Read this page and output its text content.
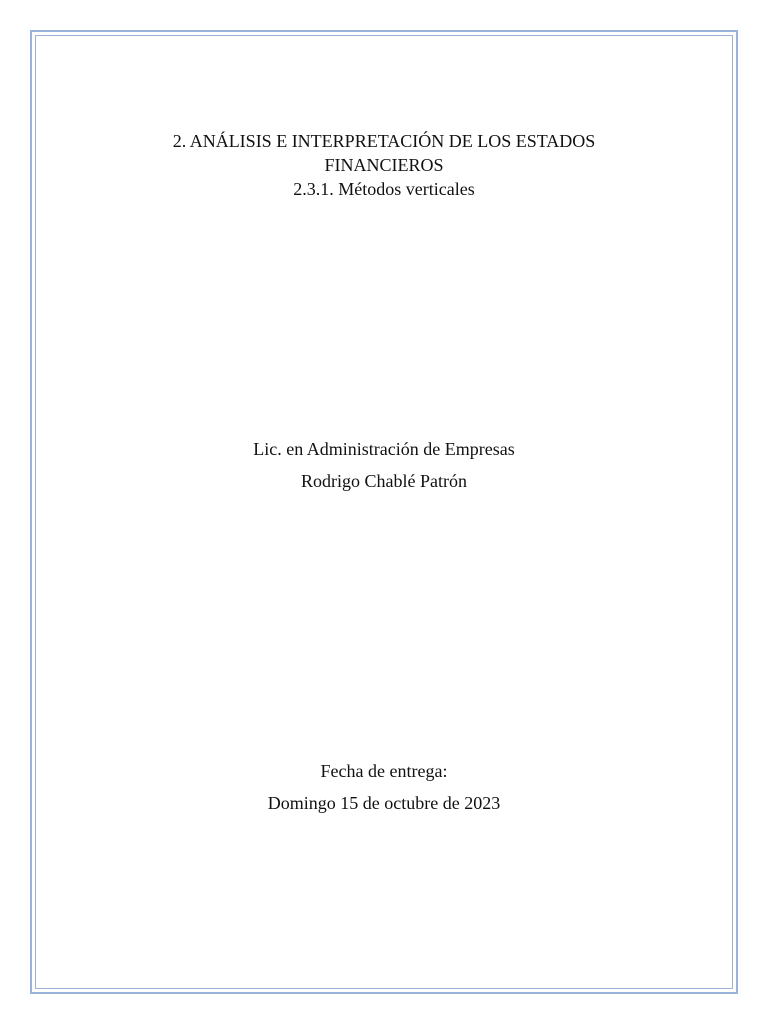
2. ANÁLISIS E INTERPRETACIÓN DE LOS ESTADOS FINANCIEROS
2.3.1. Métodos verticales
Lic. en Administración de Empresas
Rodrigo Chablé Patrón
Fecha de entrega:
Domingo 15 de octubre de 2023
